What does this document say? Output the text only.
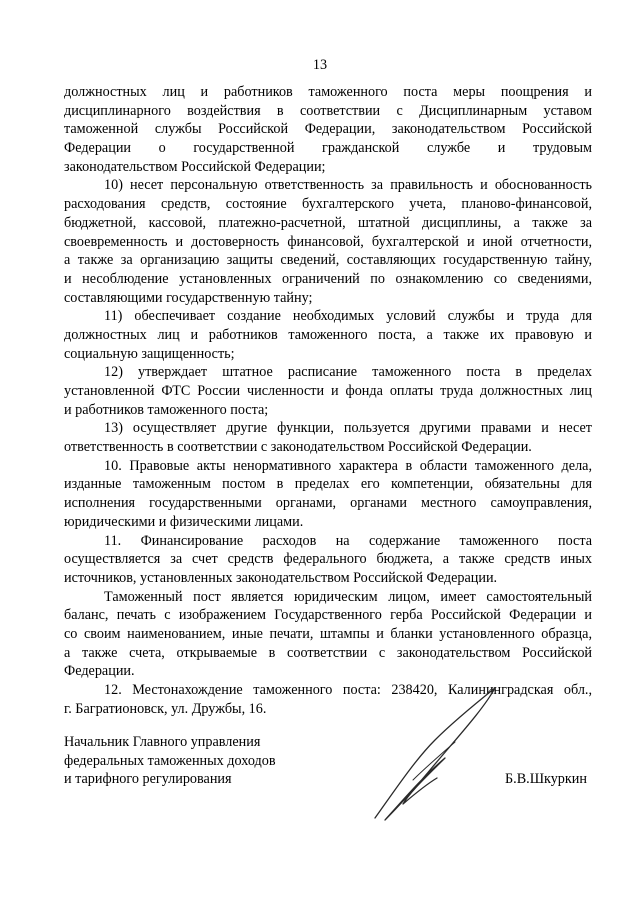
13
должностных лиц и работников таможенного поста меры поощрения и
дисциплинарного воздействия в соответствии с Дисциплинарным уставом
таможенной службы Российской Федерации, законодательством Российской
Федерации о государственной гражданской службе и трудовым
законодательством Российской Федерации;
10) несет персональную ответственность за правильность и обоснованность
расходования средств, состояние бухгалтерского учета, планово-финансовой,
бюджетной, кассовой, платежно-расчетной, штатной дисциплины, а также за
своевременность и достоверность финансовой, бухгалтерской и иной отчетности,
а также за организацию защиты сведений, составляющих государственную тайну,
и несоблюдение установленных ограничений по ознакомлению со сведениями,
составляющими государственную тайну;
11) обеспечивает создание необходимых условий службы и труда для
должностных лиц и работников таможенного поста, а также их правовую и
социальную защищенность;
12) утверждает штатное расписание таможенного поста в пределах
установленной ФТС России численности и фонда оплаты труда должностных лиц
и работников таможенного поста;
13) осуществляет другие функции, пользуется другими правами и несет
ответственность в соответствии с законодательством Российской Федерации.
10. Правовые акты ненормативного характера в области таможенного дела,
изданные таможенным постом в пределах его компетенции, обязательны для
исполнения государственными органами, органами местного самоуправления,
юридическими и физическими лицами.
11. Финансирование расходов на содержание таможенного поста
осуществляется за счет средств федерального бюджета, а также средств иных
источников, установленных законодательством Российской Федерации.
Таможенный пост является юридическим лицом, имеет самостоятельный
баланс, печать с изображением Государственного герба Российской Федерации и
со своим наименованием, иные печати, штампы и бланки установленного образца,
а также счета, открываемые в соответствии с законодательством Российской
Федерации.
12. Местонахождение таможенного поста: 238420, Калининградская обл.,
г. Багратионовск, ул. Дружбы, 16.
Начальник Главного управления
федеральных таможенных доходов
и тарифного регулирования	Б.В.Шкуркин
